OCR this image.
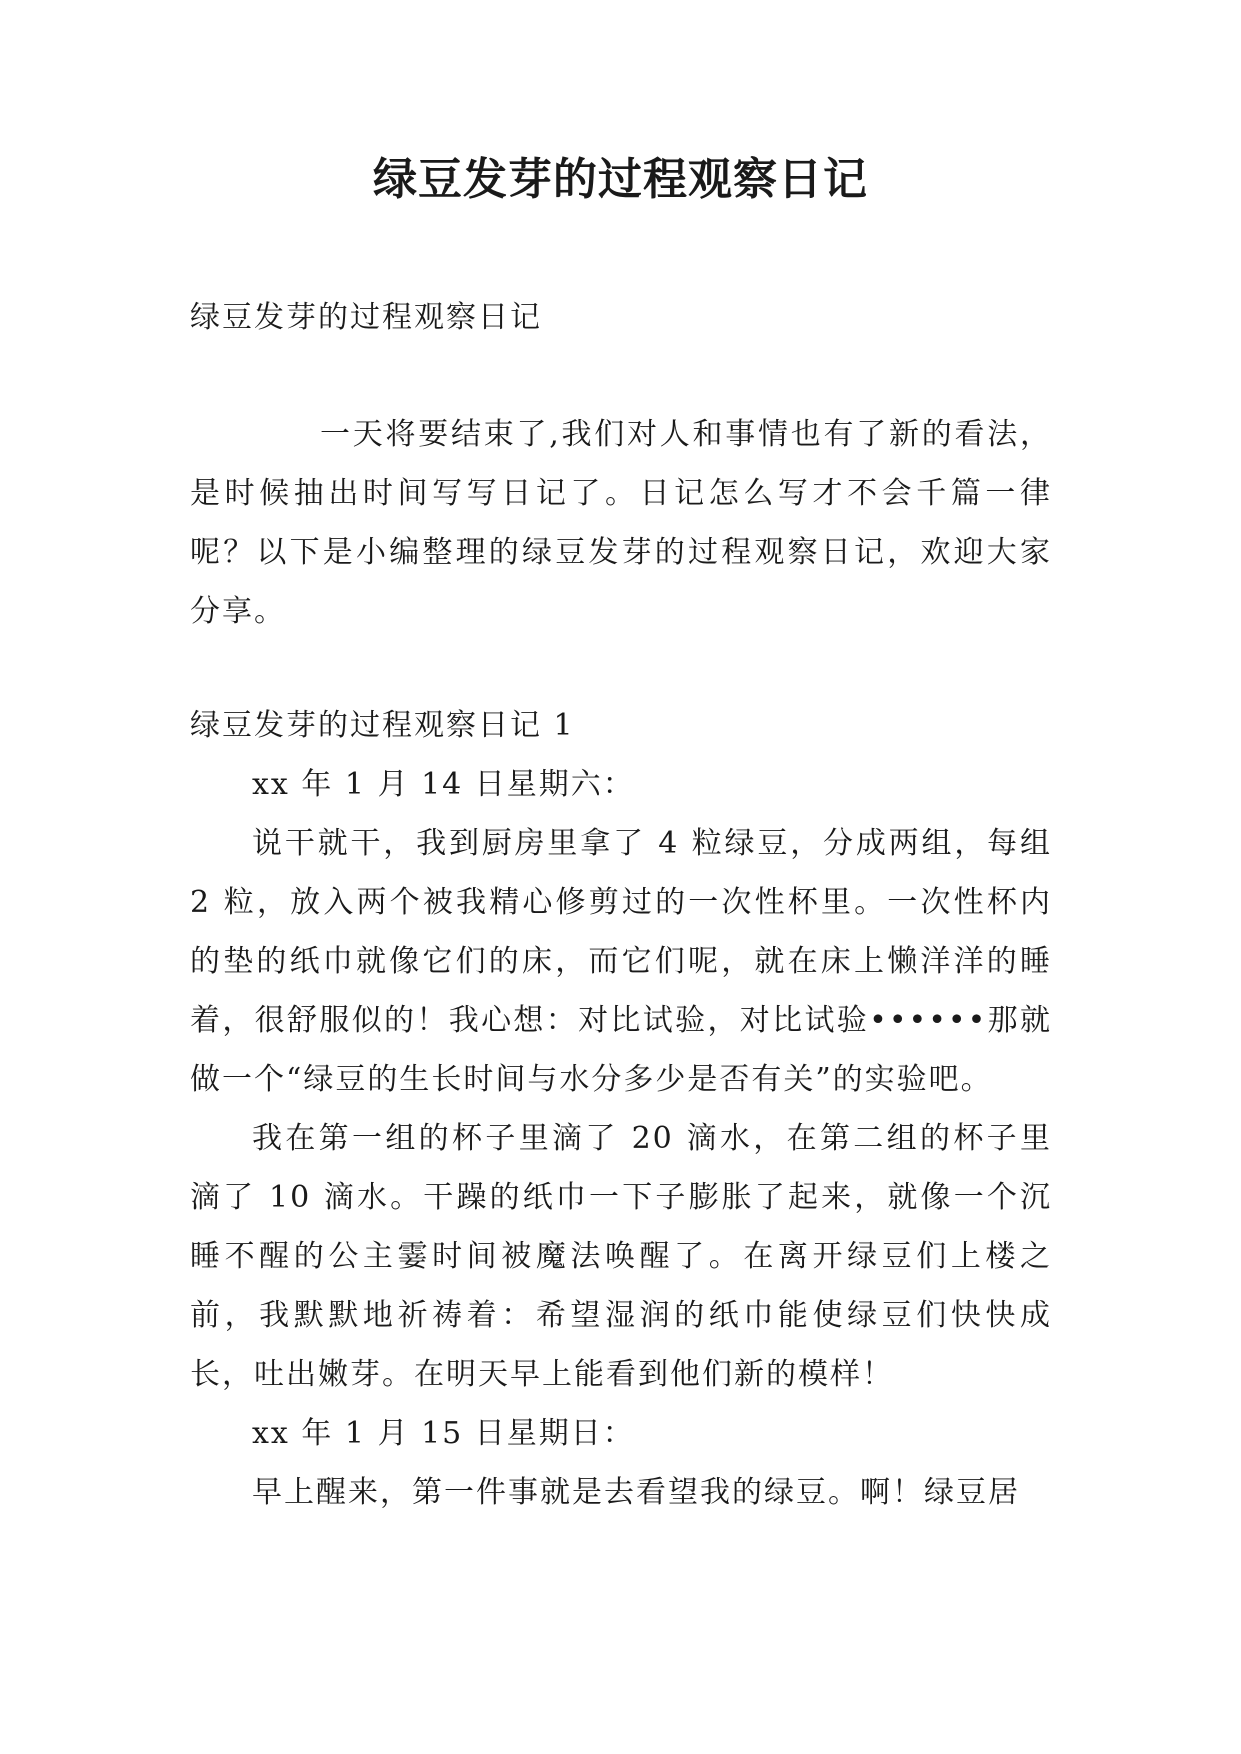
绿豆发芽的过程观察日记

绿豆发芽的过程观察日记

一天将要结束了,我们对人和事情也有了新的看法，是时候抽出时间写写日记了。日记怎么写才不会千篇一律呢？以下是小编整理的绿豆发芽的过程观察日记，欢迎大家分享。

绿豆发芽的过程观察日记 1

xx 年 1 月 14 日星期六：

说干就干，我到厨房里拿了 4 粒绿豆，分成两组，每组 2 粒，放入两个被我精心修剪过的一次性杯里。一次性杯内的垫的纸巾就像它们的床，而它们呢，就在床上懒洋洋的睡着，很舒服似的！我心想：对比试验，对比试验••••••那就做一个“绿豆的生长时间与水分多少是否有关”的实验吧。

我在第一组的杯子里滴了 20 滴水，在第二组的杯子里滴了 10 滴水。干躁的纸巾一下子膨胀了起来，就像一个沉睡不醒的公主霎时间被魔法唤醒了。在离开绿豆们上楼之前，我默默地祈祷着：希望湿润的纸巾能使绿豆们快快成长，吐出嫩芽。在明天早上能看到他们新的模样！

xx 年 1 月 15 日星期日：

早上醒来，第一件事就是去看望我的绿豆。啊！绿豆居
